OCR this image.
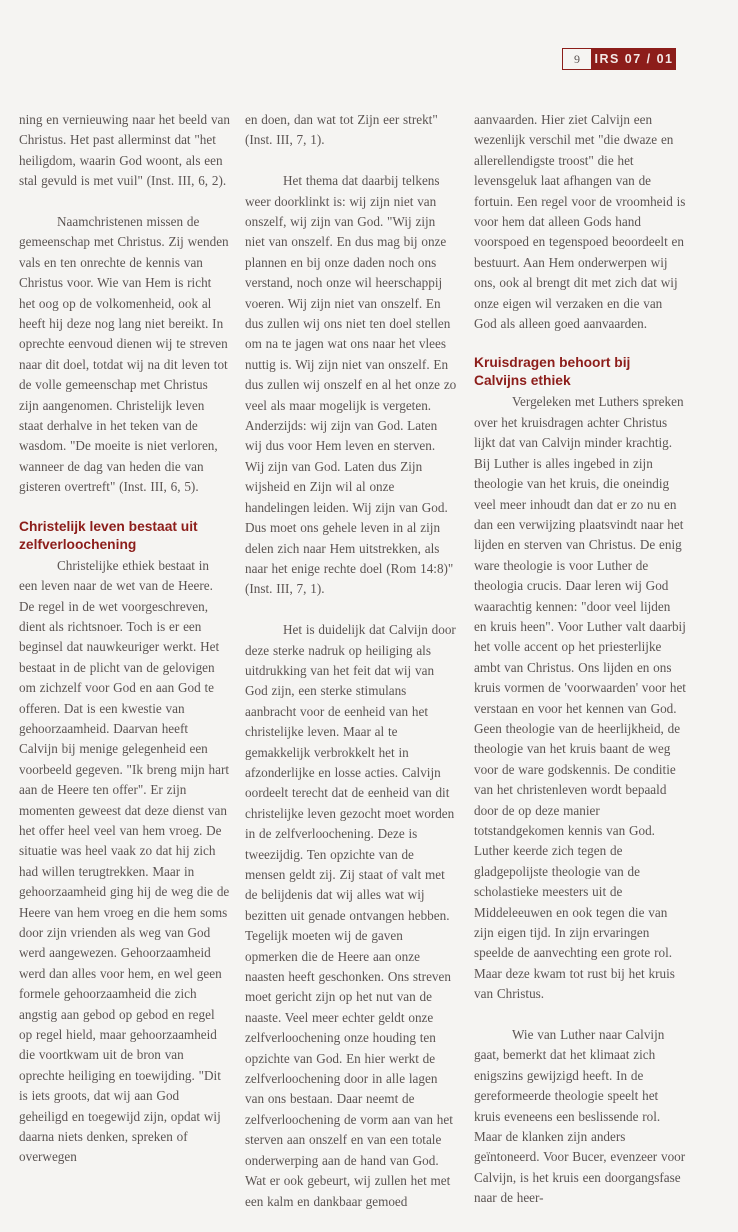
9	IRS 07 / 01

ning en vernieuwing naar het beeld van Christus. Het past allerminst dat "het heiligdom, waarin God woont, als een stal gevuld is met vuil" (Inst. III, 6, 2).

Naamchristenen missen de gemeenschap met Christus. Zij wenden vals en ten onrechte de kennis van Christus voor. Wie van Hem is richt het oog op de volkomenheid, ook al heeft hij deze nog lang niet bereikt. In oprechte eenvoud dienen wij te streven naar dit doel, totdat wij na dit leven tot de volle gemeenschap met Christus zijn aangenomen. Christelijk leven staat derhalve in het teken van de wasdom. "De moeite is niet verloren, wanneer de dag van heden die van gisteren overtreft" (Inst. III, 6, 5).

Christelijk leven bestaat uit zelfverloochening

Christelijke ethiek bestaat in een leven naar de wet van de Heere. De regel in de wet voorgeschreven, dient als richtsnoer. Toch is er een beginsel dat nauwkeuriger werkt. Het bestaat in de plicht van de gelovigen om zichzelf voor God en aan God te offeren. Dat is een kwestie van gehoorzaamheid. Daarvan heeft Calvijn bij menige gelegenheid een voorbeeld gegeven. "Ik breng mijn hart aan de Heere ten offer". Er zijn momenten geweest dat deze dienst van het offer heel veel van hem vroeg. De situatie was heel vaak zo dat hij zich had willen terugtrekken. Maar in gehoorzaamheid ging hij de weg die de Heere van hem vroeg en die hem soms door zijn vrienden als weg van God werd aangewezen. Gehoorzaamheid werd dan alles voor hem, en wel geen formele gehoorzaamheid die zich angstig aan gebod op gebod en regel op regel hield, maar gehoorzaamheid die voortkwam uit de bron van oprechte heiliging en toewijding. "Dit is iets groots, dat wij aan God geheiligd en toegewijd zijn, opdat wij daarna niets denken, spreken of overwegen

en doen, dan wat tot Zijn eer strekt" (Inst. III, 7, 1).

Het thema dat daarbij telkens weer doorklinkt is: wij zijn niet van onszelf, wij zijn van God. "Wij zijn niet van onszelf. En dus mag bij onze plannen en bij onze daden noch ons verstand, noch onze wil heerschappij voeren. Wij zijn niet van onszelf. En dus zullen wij ons niet ten doel stellen om na te jagen wat ons naar het vlees nuttig is. Wij zijn niet van onszelf. En dus zullen wij onszelf en al het onze zo veel als maar mogelijk is vergeten. Anderzijds: wij zijn van God. Laten wij dus voor Hem leven en sterven. Wij zijn van God. Laten dus Zijn wijsheid en Zijn wil al onze handelingen leiden. Wij zijn van God. Dus moet ons gehele leven in al zijn delen zich naar Hem uitstrekken, als naar het enige rechte doel (Rom 14:8)" (Inst. III, 7, 1).

Het is duidelijk dat Calvijn door deze sterke nadruk op heiliging als uitdrukking van het feit dat wij van God zijn, een sterke stimulans aanbracht voor de eenheid van het christelijke leven. Maar al te gemakkelijk verbrokkelt het in afzonderlijke en losse acties. Calvijn oordeelt terecht dat de eenheid van dit christelijke leven gezocht moet worden in de zelfverloochening. Deze is tweezijdig. Ten opzichte van de mensen geldt zij. Zij staat of valt met de belijdenis dat wij alles wat wij bezitten uit genade ontvangen hebben. Tegelijk moeten wij de gaven opmerken die de Heere aan onze naasten heeft geschonken. Ons streven moet gericht zijn op het nut van de naaste. Veel meer echter geldt onze zelfverloochening onze houding ten opzichte van God. En hier werkt de zelfverloochening door in alle lagen van ons bestaan. Daar neemt de zelfverloochening de vorm aan van het sterven aan onszelf en van een totale onderwerping aan de hand van God. Wat er ook gebeurt, wij zullen het met een kalm en dankbaar gemoed

aanvaarden. Hier ziet Calvijn een wezenlijk verschil met "die dwaze en allerellendigste troost" die het levensgeluk laat afhangen van de fortuin. Een regel voor de vroomheid is voor hem dat alleen Gods hand voorspoed en tegenspoed beoordeelt en bestuurt. Aan Hem onderwerpen wij ons, ook al brengt dit met zich dat wij onze eigen wil verzaken en die van God als alleen goed aanvaarden.

Kruisdragen behoort bij Calvijns ethiek

Vergeleken met Luthers spreken over het kruisdragen achter Christus lijkt dat van Calvijn minder krachtig. Bij Luther is alles ingebed in zijn theologie van het kruis, die oneindig veel meer inhoudt dan dat er zo nu en dan een verwijzing plaatsvindt naar het lijden en sterven van Christus. De enig ware theologie is voor Luther de theologia crucis. Daar leren wij God waarachtig kennen: "door veel lijden en kruis heen". Voor Luther valt daarbij het volle accent op het priesterlijke ambt van Christus. Ons lijden en ons kruis vormen de 'voorwaarden' voor het verstaan en voor het kennen van God. Geen theologie van de heerlijkheid, de theologie van het kruis baant de weg voor de ware godskennis. De conditie van het christenleven wordt bepaald door de op deze manier totstandgekomen kennis van God. Luther keerde zich tegen de gladgepolijste theologie van de scholastieke meesters uit de Middeleeuwen en ook tegen die van zijn eigen tijd. In zijn ervaringen speelde de aanvechting een grote rol. Maar deze kwam tot rust bij het kruis van Christus.

Wie van Luther naar Calvijn gaat, bemerkt dat het klimaat zich enigszins gewijzigd heeft. In de gereformeerde theologie speelt het kruis eveneens een beslissende rol. Maar de klanken zijn anders geïntoneerd. Voor Bucer, evenzeer voor Calvijn, is het kruis een doorgangsfase naar de heer-
